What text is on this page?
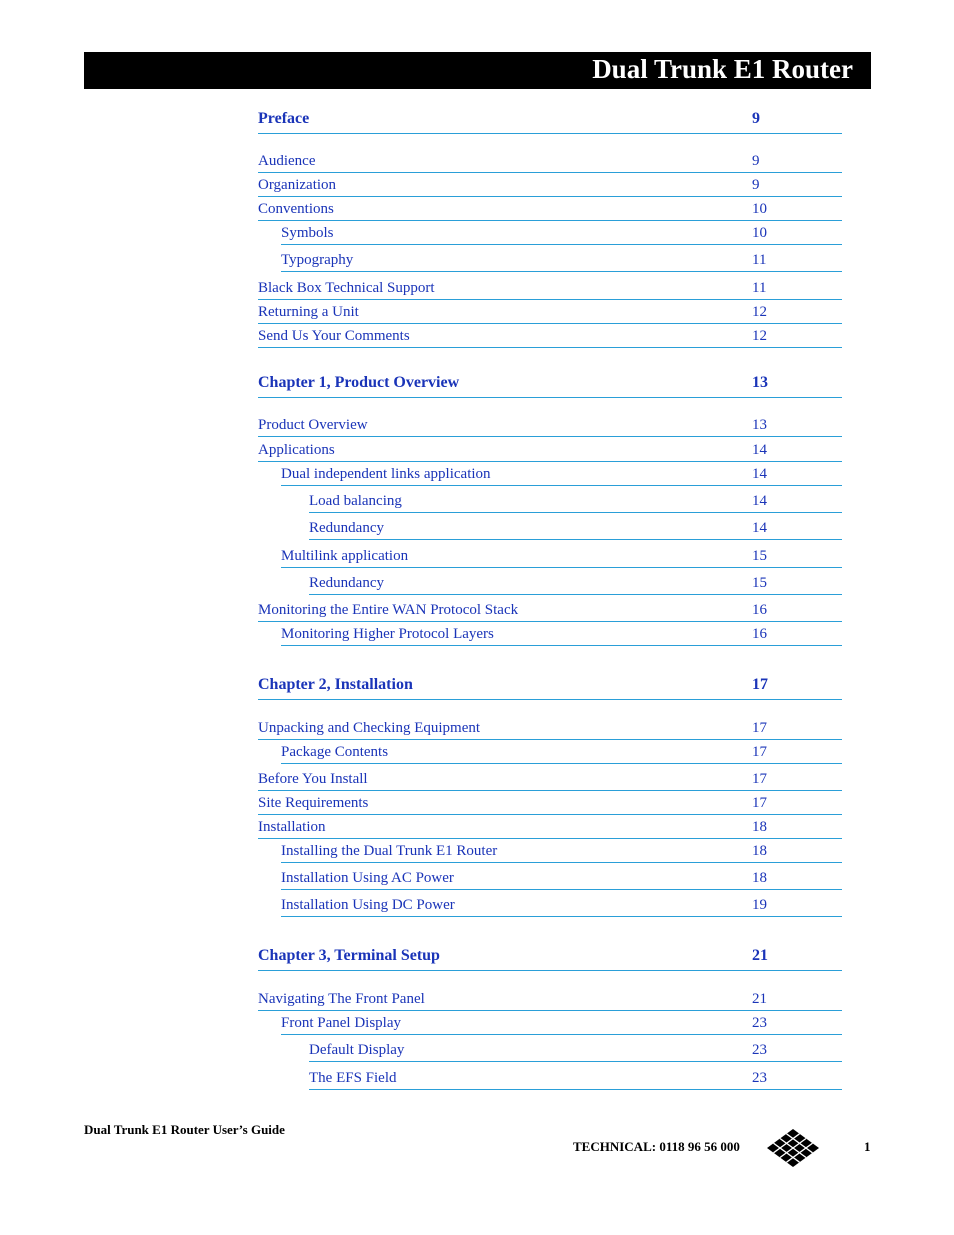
Dual Trunk E1 Router
Preface	9
Audience	9
Organization	9
Conventions	10
Symbols	10
Typography	11
Black Box Technical Support	11
Returning a Unit	12
Send Us Your Comments	12
Chapter 1, Product Overview	13
Product Overview	13
Applications	14
Dual independent links application	14
Load balancing	14
Redundancy	14
Multilink application	15
Redundancy	15
Monitoring the Entire WAN Protocol Stack	16
Monitoring Higher Protocol Layers	16
Chapter 2, Installation	17
Unpacking and Checking Equipment	17
Package Contents	17
Before You Install	17
Site Requirements	17
Installation	18
Installing the Dual Trunk E1 Router	18
Installation Using AC Power	18
Installation Using DC Power	19
Chapter 3, Terminal Setup	21
Navigating The Front Panel	21
Front Panel Display	23
Default Display	23
The EFS Field	23
Dual Trunk E1 Router User’s Guide
TECHNICAL: 0118 96 56 000	1
